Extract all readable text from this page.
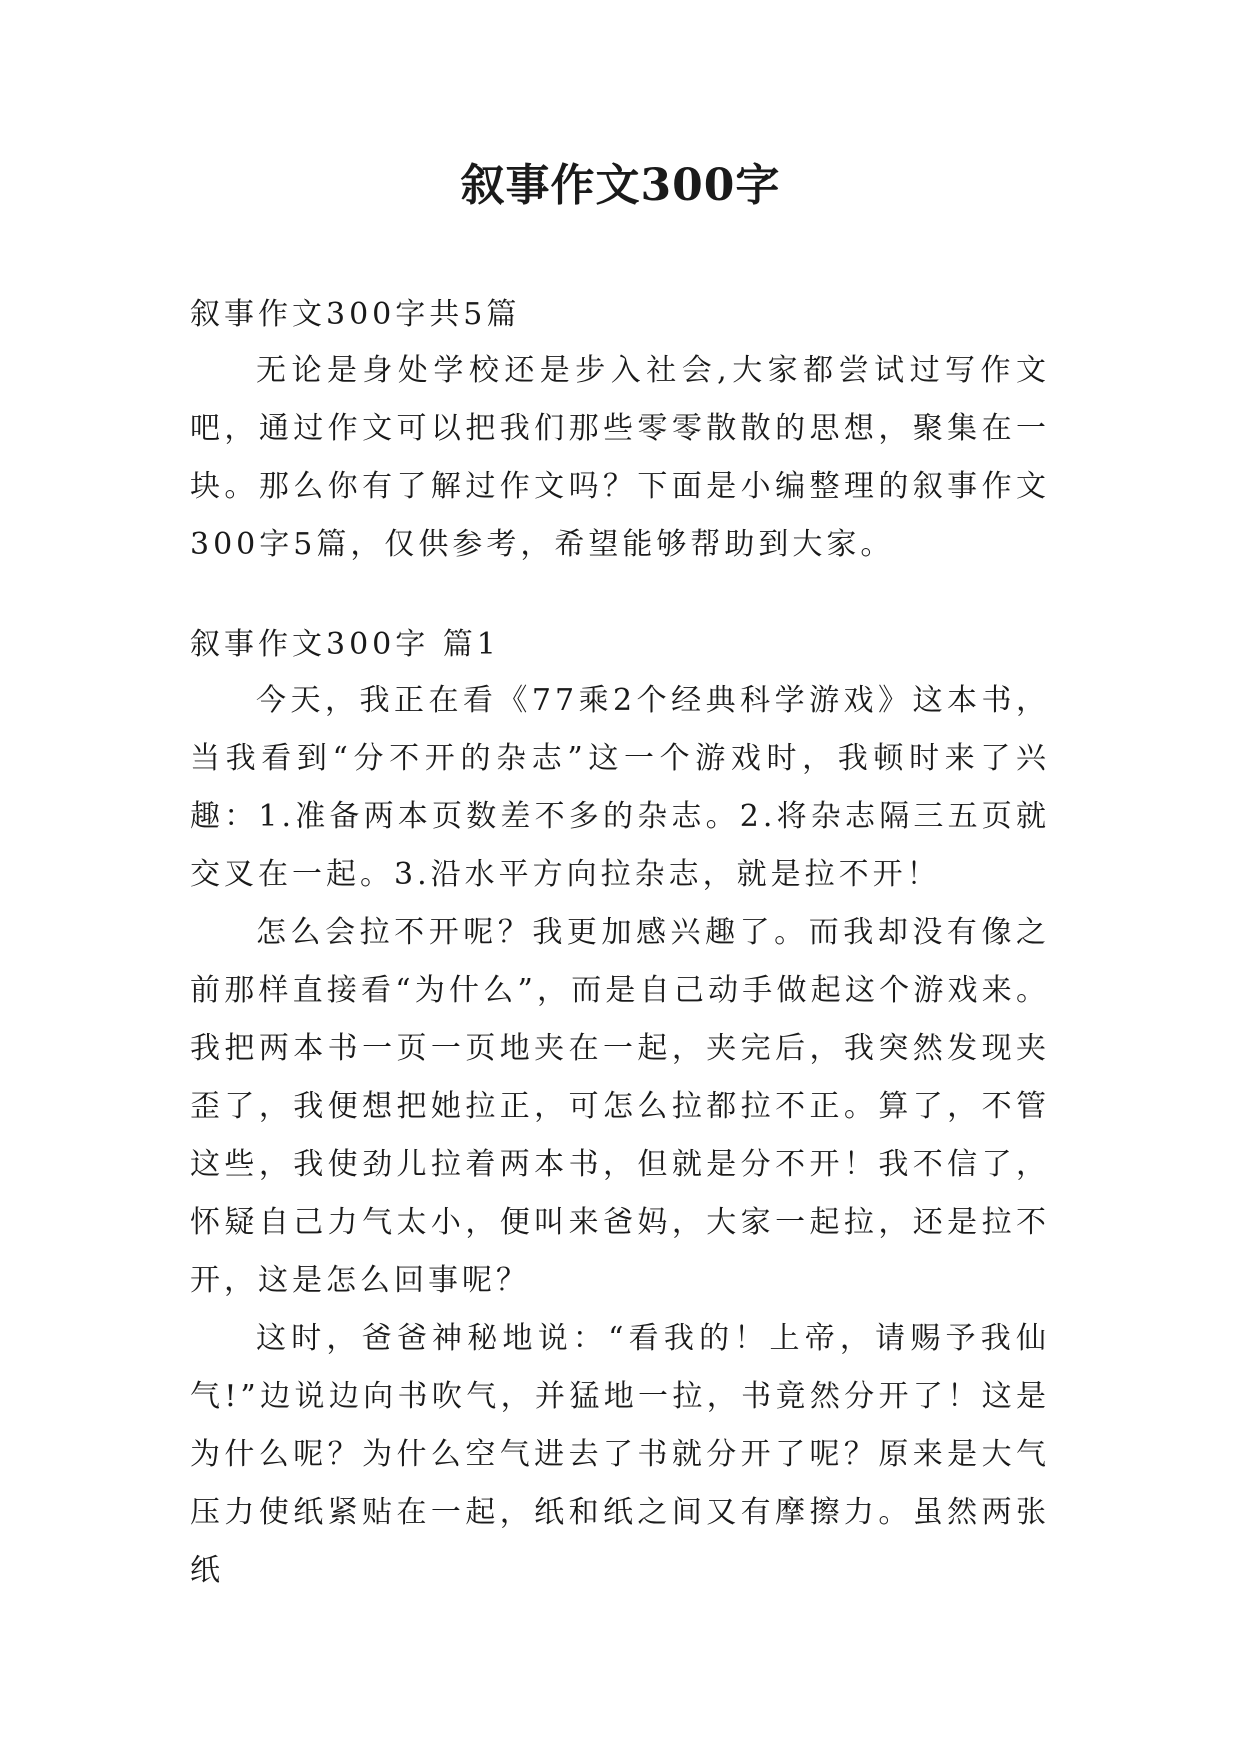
叙事作文300字
叙事作文300字共5篇
无论是身处学校还是步入社会,大家都尝试过写作文吧，通过作文可以把我们那些零零散散的思想，聚集在一块。那么你有了解过作文吗？下面是小编整理的叙事作文300字5篇，仅供参考，希望能够帮助到大家。
叙事作文300字 篇1
今天，我正在看《77乘2个经典科学游戏》这本书，当我看到“分不开的杂志”这一个游戏时，我顿时来了兴趣：1.准备两本页数差不多的杂志。2.将杂志隔三五页就交叉在一起。3.沿水平方向拉杂志，就是拉不开！
怎么会拉不开呢？我更加感兴趣了。而我却没有像之前那样直接看“为什么”，而是自己动手做起这个游戏来。我把两本书一页一页地夹在一起，夹完后，我突然发现夹歪了，我便想把她拉正，可怎么拉都拉不正。算了，不管这些，我使劲儿拉着两本书，但就是分不开！我不信了，怀疑自己力气太小，便叫来爸妈，大家一起拉，还是拉不开，这是怎么回事呢？
这时，爸爸神秘地说：“看我的！上帝，请赐予我仙气!”边说边向书吹气，并猛地一拉，书竟然分开了！这是为什么呢？为什么空气进去了书就分开了呢？原来是大气压力使纸紧贴在一起，纸和纸之间又有摩擦力。虽然两张纸
